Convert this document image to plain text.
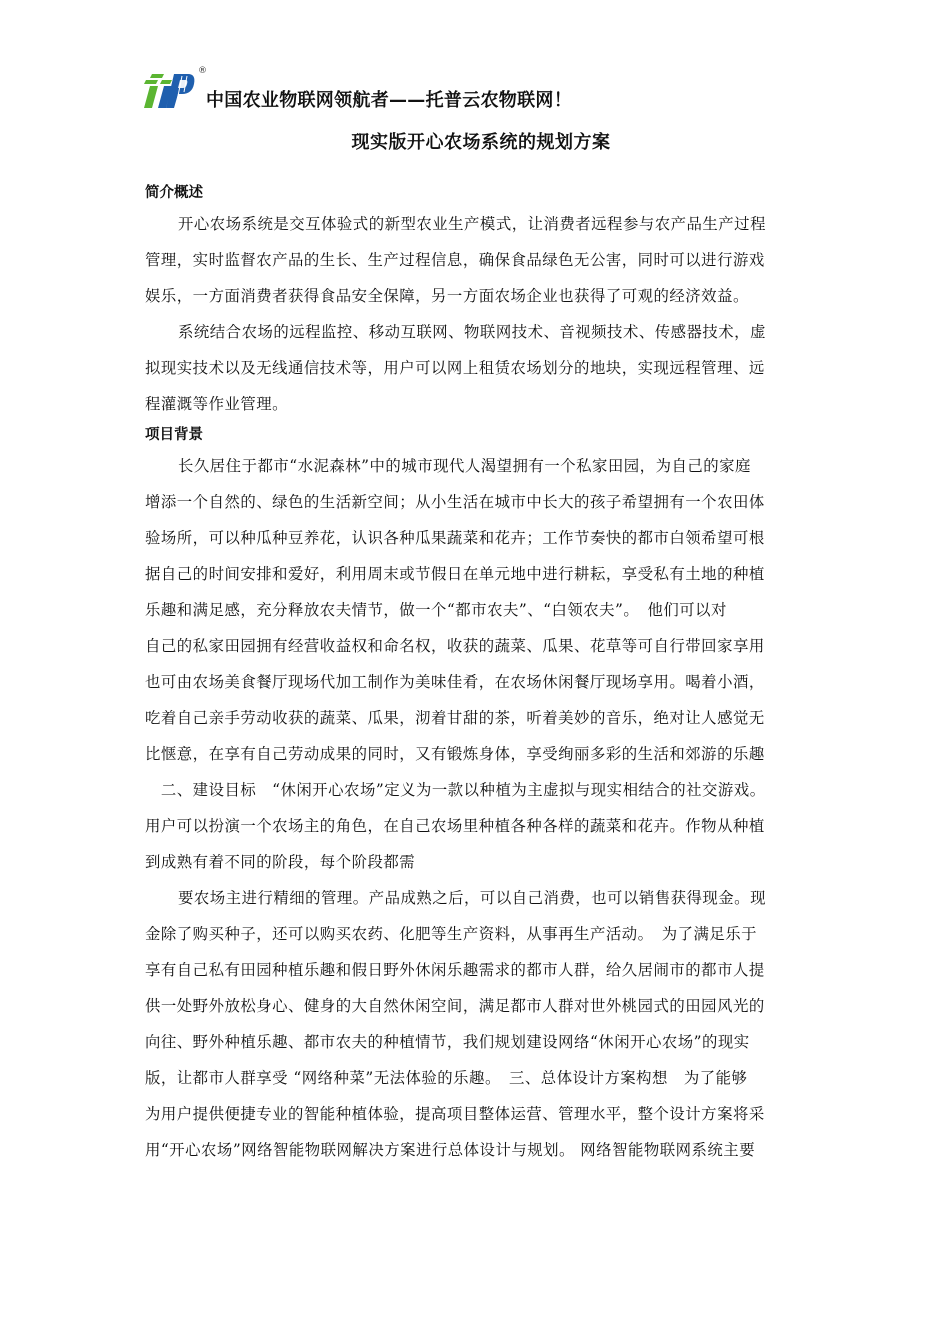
®
中国农业物联网领航者——托普云农物联网！
现实版开心农场系统的规划方案

简介概述

开心农场系统是交互体验式的新型农业生产模式，让消费者远程参与农产品生产过程

管理，实时监督农产品的生长、生产过程信息，确保食品绿色无公害，同时可以进行游戏

娱乐，一方面消费者获得食品安全保障，另一方面农场企业也获得了可观的经济效益。

系统结合农场的远程监控、移动互联网、物联网技术、音视频技术、传感器技术，虚

拟现实技术以及无线通信技术等，用户可以网上租赁农场划分的地块，实现远程管理、远

程灌溉等作业管理。

项目背景

长久居住于都市“水泥森林”中的城市现代人渴望拥有一个私家田园，为自己的家庭

增添一个自然的、绿色的生活新空间；从小生活在城市中长大的孩子希望拥有一个农田体

验场所，可以种瓜种豆养花，认识各种瓜果蔬菜和花卉；工作节奏快的都市白领希望可根

据自己的时间安排和爱好，利用周末或节假日在单元地中进行耕耘，享受私有土地的种植

乐趣和满足感，充分释放农夫情节，做一个“都市农夫”、“白领农夫”。　他们可以对

自己的私家田园拥有经营收益权和命名权，收获的蔬菜、瓜果、花草等可自行带回家享用

也可由农场美食餐厅现场代加工制作为美味佳肴，在农场休闲餐厅现场享用。喝着小酒，

吃着自己亲手劳动收获的蔬菜、瓜果，沏着甘甜的茶，听着美妙的音乐，绝对让人感觉无

比惬意，在享有自己劳动成果的同时，又有锻炼身体，享受绚丽多彩的生活和郊游的乐趣

　二、建设目标　“休闲开心农场”定义为一款以种植为主虚拟与现实相结合的社交游戏。

用户可以扮演一个农场主的角色，在自己农场里种植各种各样的蔬菜和花卉。作物从种植

到成熟有着不同的阶段，每个阶段都需

要农场主进行精细的管理。产品成熟之后，可以自己消费，也可以销售获得现金。现

金除了购买种子，还可以购买农药、化肥等生产资料，从事再生产活动。　为了满足乐于

享有自己私有田园种植乐趣和假日野外休闲乐趣需求的都市人群，给久居闹市的都市人提

供一处野外放松身心、健身的大自然休闲空间，满足都市人群对世外桃园式的田园风光的

向往、野外种植乐趣、都市农夫的种植情节，我们规划建设网络“休闲开心农场”的现实

版，让都市人群享受 “网络种菜”无法体验的乐趣。　三、总体设计方案构想　为了能够

为用户提供便捷专业的智能种植体验，提高项目整体运营、管理水平，整个设计方案将采

用“开心农场”网络智能物联网解决方案进行总体设计与规划。 网络智能物联网系统主要
